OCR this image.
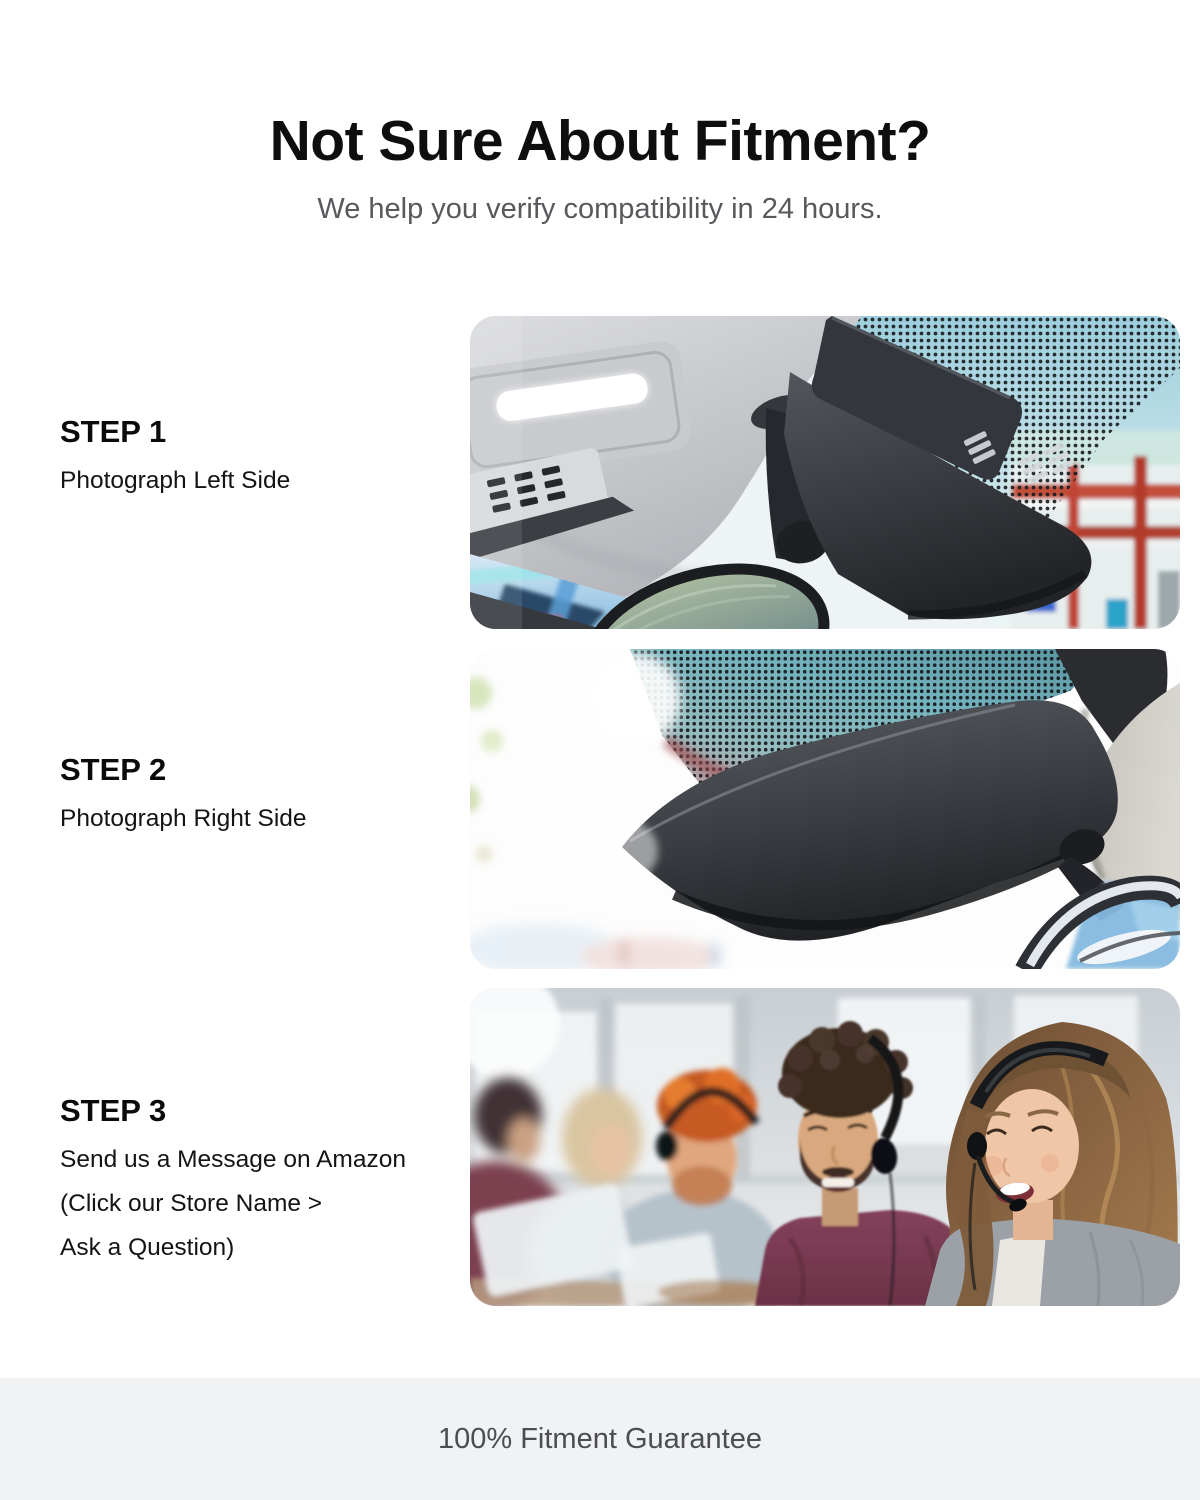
Not Sure About Fitment?

We help you verify compatibility in 24 hours.

STEP 1

Photograph Left Side

STEP 2

Photograph Right Side

STEP 3

Send us a Message on Amazon

(Click our Store Name >

Ask a Question)

100% Fitment Guarantee
